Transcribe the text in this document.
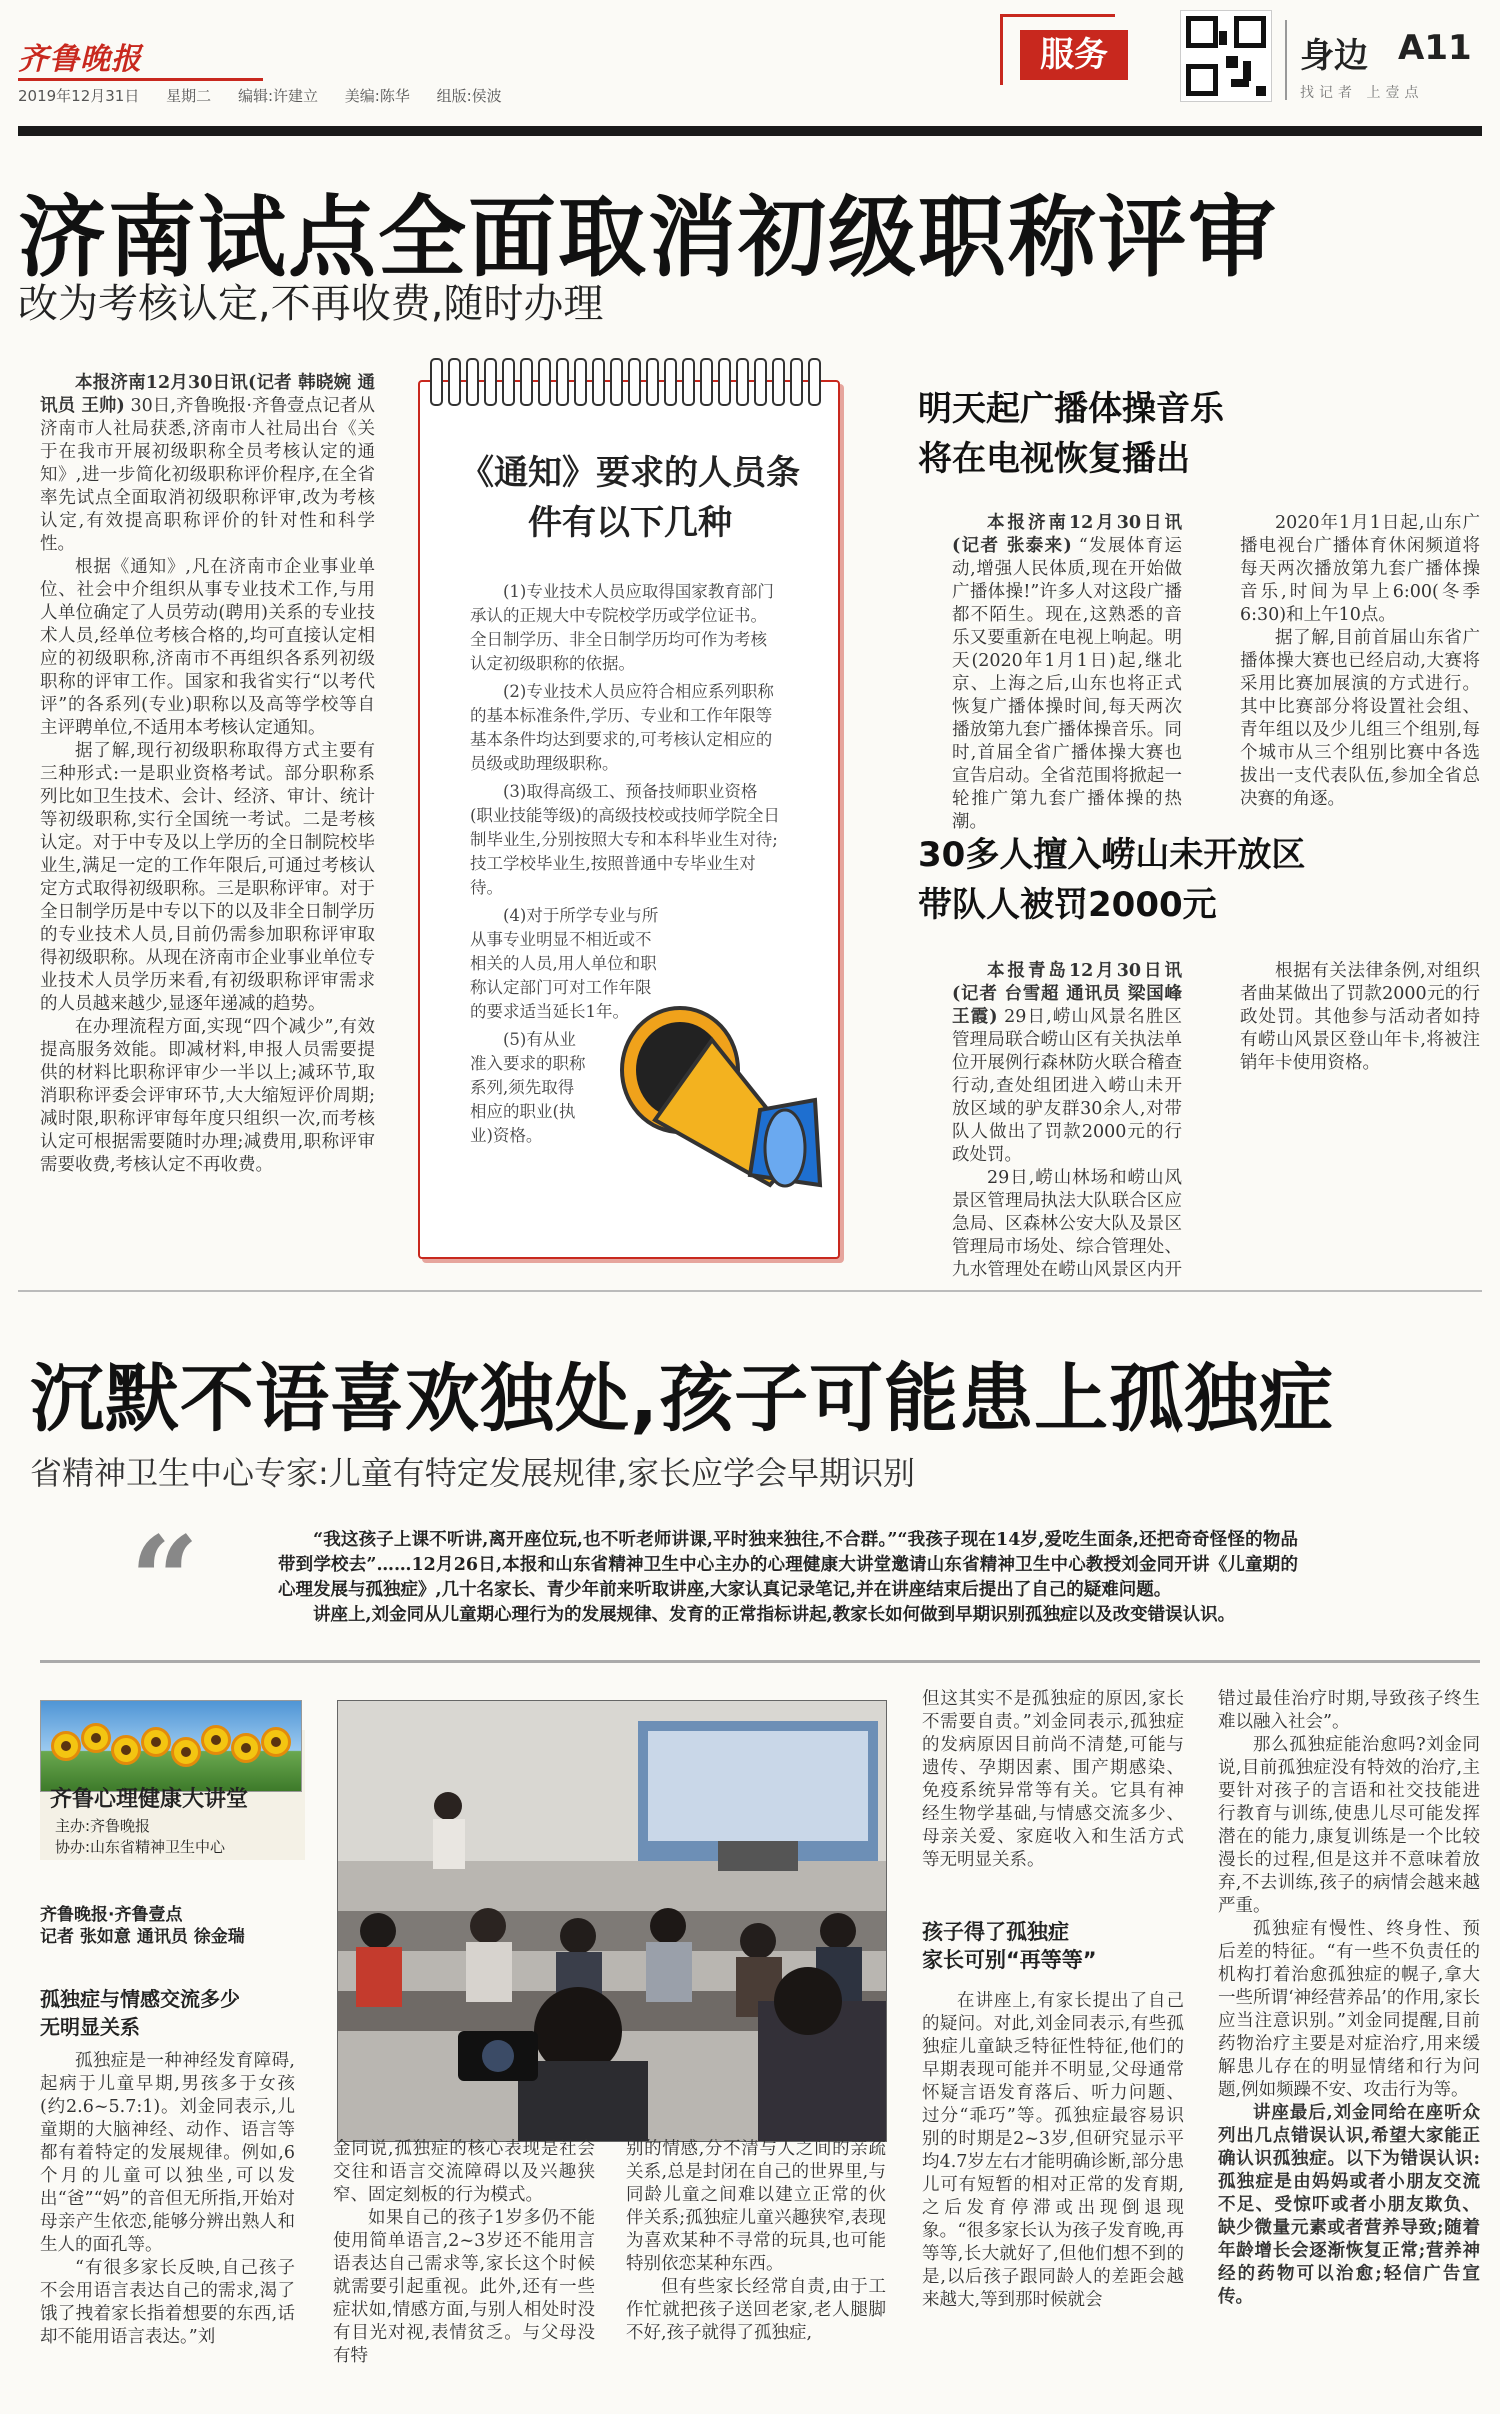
齐鲁晚报
2019年12月31日 星期二 编辑:许建立 美编:陈华 组版:侯波
服务	身边 A11
找记者 上壹点
济南试点全面取消初级职称评审
改为考核认定,不再收费,随时办理

本报济南12月30日讯(记者 韩晓婉 通讯员 王帅) 30日,齐鲁晚报·齐鲁壹点记者从济南市人社局获悉,济南市人社局出台《关于在我市开展初级职称全员考核认定的通知》,进一步简化初级职称评价程序,在全省率先试点全面取消初级职称评审,改为考核认定,有效提高职称评价的针对性和科学性。

根据《通知》,凡在济南市企业事业单位、社会中介组织从事专业技术工作,与用人单位确定了人员劳动(聘用)关系的专业技术人员,经单位考核合格的,均可直接认定相应的初级职称,济南市不再组织各系列初级职称的评审工作。国家和我省实行“以考代评”的各系列(专业)职称以及高等学校等自主评聘单位,不适用本考核认定通知。

据了解,现行初级职称取得方式主要有三种形式:一是职业资格考试。部分职称系列比如卫生技术、会计、经济、审计、统计等初级职称,实行全国统一考试。二是考核认定。对于中专及以上学历的全日制院校毕业生,满足一定的工作年限后,可通过考核认定方式取得初级职称。三是职称评审。对于全日制学历是中专以下的以及非全日制学历的专业技术人员,目前仍需参加职称评审取得初级职称。从现在济南市企业事业单位专业技术人员学历来看,有初级职称评审需求的人员越来越少,显逐年递减的趋势。

在办理流程方面,实现“四个减少”,有效提高服务效能。即减材料,申报人员需要提供的材料比职称评审少一半以上;减环节,取消职称评委会评审环节,大大缩短评价周期;减时限,职称评审每年度只组织一次,而考核认定可根据需要随时办理;减费用,职称评审需要收费,考核认定不再收费。

《通知》要求的人员条件有以下几种

(1)专业技术人员应取得国家教育部门承认的正规大中专院校学历或学位证书。全日制学历、非全日制学历均可作为考核认定初级职称的依据。

(2)专业技术人员应符合相应系列职称的基本标准条件,学历、专业和工作年限等基本条件均达到要求的,可考核认定相应的员级或助理级职称。

(3)取得高级工、预备技师职业资格(职业技能等级)的高级技校或技师学院全日制毕业生,分别按照大专和本科毕业生对待;技工学校毕业生,按照普通中专毕业生对待。

(4)对于所学专业与所从事专业明显不相近或不相关的人员,用人单位和职称认定部门可对工作年限的要求适当延长1年。

(5)有从业准入要求的职称系列,须先取得相应的职业(执业)资格。

明天起广播体操音乐
将在电视恢复播出

本报济南12月30日讯(记者 张泰来) “发展体育运动,增强人民体质,现在开始做广播体操!”许多人对这段广播都不陌生。现在,这熟悉的音乐又要重新在电视上响起。明天(2020年1月1日)起,继北京、上海之后,山东也将正式恢复广播体操时间,每天两次播放第九套广播体操音乐。同时,首届全省广播体操大赛也宣告启动。全省范围将掀起一轮推广第九套广播体操的热潮。

2020年1月1日起,山东广播电视台广播体育休闲频道将每天两次播放第九套广播体操音乐,时间为早上6:00(冬季6:30)和上午10点。

据了解,目前首届山东省广播体操大赛也已经启动,大赛将采用比赛加展演的方式进行。其中比赛部分将设置社会组、青年组以及少儿组三个组别,每个城市从三个组别比赛中各选拔出一支代表队伍,参加全省总决赛的角逐。

30多人擅入崂山未开放区
带队人被罚2000元

本报青岛12月30日讯(记者 台雪超 通讯员 梁国峰 王霞) 29日,崂山风景名胜区管理局联合崂山区有关执法单位开展例行森林防火联合稽查行动,查处组团进入崂山未开放区域的驴友群30余人,对带队人做出了罚款2000元的行政处罚。

29日,崂山林场和崂山风景区管理局执法大队联合区应急局、区森林公安大队及景区管理局市场处、综合管理处、九水管理处在崂山风景区内开

根据有关法律条例,对组织者曲某做出了罚款2000元的行政处罚。其他参与活动者如持有崂山风景区登山年卡,将被注销年卡使用资格。

沉默不语喜欢独处,孩子可能患上孤独症
省精神卫生中心专家:儿童有特定发展规律,家长应学会早期识别
“	“我这孩子上课不听讲,离开座位玩,也不听老师讲课,平时独来独往,不合群。”“我孩子现在14岁,爱吃生面条,还把奇奇怪怪的物品带到学校去”……12月26日,本报和山东省精神卫生中心主办的心理健康大讲堂邀请山东省精神卫生中心教授刘金同开讲《儿童期的心理发展与孤独症》,几十名家长、青少年前来听取讲座,大家认真记录笔记,并在讲座结束后提出了自己的疑难问题。

讲座上,刘金同从儿童期心理行为的发展规律、发育的正常指标讲起,教家长如何做到早期识别孤独症以及改变错误认识。

齐鲁心理健康大讲堂
主办:齐鲁晚报
协办:山东省精神卫生中心
齐鲁晚报·齐鲁壹点
记者 张如意 通讯员 徐金瑞
孤独症与情感交流多少
无明显关系

孤独症是一种神经发育障碍,起病于儿童早期,男孩多于女孩(约2.6~5.7:1)。刘金同表示,儿童期的大脑神经、动作、语言等都有着特定的发展规律。例如,6个月的儿童可以独坐,可以发出“爸”“妈”的音但无所指,开始对母亲产生依恋,能够分辨出熟人和生人的面孔等。

“有很多家长反映,自己孩子不会用语言表达自己的需求,渴了饿了拽着家长指着想要的东西,话却不能用语言表达。”刘

金同说,孤独症的核心表现是社会交往和语言交流障碍以及兴趣狭窄、固定刻板的行为模式。

如果自己的孩子1岁多仍不能使用简单语言,2~3岁还不能用言语表达自己需求等,家长这个时候就需要引起重视。此外,还有一些症状如,情感方面,与别人相处时没有目光对视,表情贫乏。与父母没有特

别的情感,分不清与人之间的亲疏关系,总是封闭在自己的世界里,与同龄儿童之间难以建立正常的伙伴关系;孤独症儿童兴趣狭窄,表现为喜欢某种不寻常的玩具,也可能特别依恋某种东西。

但有些家长经常自责,由于工作忙就把孩子送回老家,老人腿脚不好,孩子就得了孤独症,

但这其实不是孤独症的原因,家长不需要自责。”刘金同表示,孤独症的发病原因目前尚不清楚,可能与遗传、孕期因素、围产期感染、免疫系统异常等有关。它具有神经生物学基础,与情感交流多少、母亲关爱、家庭收入和生活方式等无明显关系。

孩子得了孤独症
家长可别“再等等”

在讲座上,有家长提出了自己的疑问。对此,刘金同表示,有些孤独症儿童缺乏特征性特征,他们的早期表现可能并不明显,父母通常怀疑言语发育落后、听力问题、过分“乖巧”等。孤独症最容易识别的时期是2~3岁,但研究显示平均4.7岁左右才能明确诊断,部分患儿可有短暂的相对正常的发育期,之后发育停滞或出现倒退现象。“很多家长认为孩子发育晚,再等等,长大就好了,但他们想不到的是,以后孩子跟同龄人的差距会越来越大,等到那时候就会

错过最佳治疗时期,导致孩子终生难以融入社会”。

那么孤独症能治愈吗?刘金同说,目前孤独症没有特效的治疗,主要针对孩子的言语和社交技能进行教育与训练,使患儿尽可能发挥潜在的能力,康复训练是一个比较漫长的过程,但是这并不意味着放弃,不去训练,孩子的病情会越来越严重。

孤独症有慢性、终身性、预后差的特征。“有一些不负责任的机构打着治愈孤独症的幌子,拿大一些所谓‘神经营养品’的作用,家长应当注意识别。”刘金同提醒,目前药物治疗主要是对症治疗,用来缓解患儿存在的明显情绪和行为问题,例如频躁不安、攻击行为等。

讲座最后,刘金同给在座听众列出几点错误认识,希望大家能正确认识孤独症。以下为错误认识:孤独症是由妈妈或者小朋友交流不足、受惊吓或者小朋友欺负、缺少微量元素或者营养导致;随着年龄增长会逐渐恢复正常;营养神经的药物可以治愈;轻信广告宣传。
